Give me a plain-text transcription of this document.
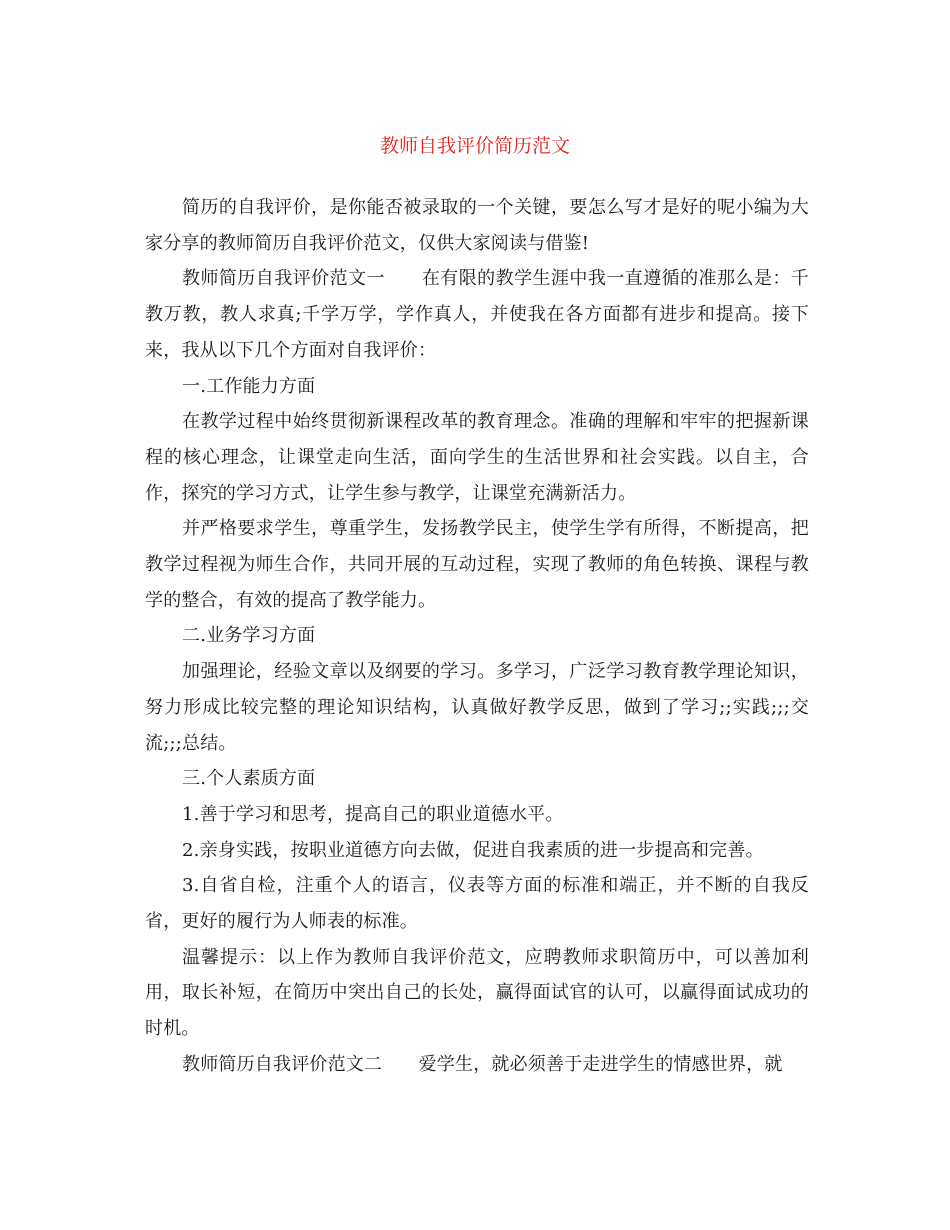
教师自我评价简历范文

简历的自我评价，是你能否被录取的一个关键，要怎么写才是好的呢小编为大家分享的教师简历自我评价范文，仅供大家阅读与借鉴!

教师简历自我评价范文一　　在有限的教学生涯中我一直遵循的准那么是：千教万教，教人求真;千学万学，学作真人，并使我在各方面都有进步和提高。接下来，我从以下几个方面对自我评价：

一.工作能力方面

在教学过程中始终贯彻新课程改革的教育理念。准确的理解和牢牢的把握新课程的核心理念，让课堂走向生活，面向学生的生活世界和社会实践。以自主，合作，探究的学习方式，让学生参与教学，让课堂充满新活力。

并严格要求学生，尊重学生，发扬教学民主，使学生学有所得，不断提高，把教学过程视为师生合作，共同开展的互动过程，实现了教师的角色转换、课程与教学的整合，有效的提高了教学能力。

二.业务学习方面

加强理论，经验文章以及纲要的学习。多学习，广泛学习教育教学理论知识，努力形成比较完整的理论知识结构，认真做好教学反思，做到了学习;;实践;;;交流;;;总结。

三.个人素质方面

1.善于学习和思考，提高自己的职业道德水平。

2.亲身实践，按职业道德方向去做，促进自我素质的进一步提高和完善。

3.自省自检，注重个人的语言，仪表等方面的标准和端正，并不断的自我反省，更好的履行为人师表的标准。

温馨提示：以上作为教师自我评价范文，应聘教师求职简历中，可以善加利用，取长补短，在简历中突出自己的长处，赢得面试官的认可，以赢得面试成功的时机。

教师简历自我评价范文二　　爱学生，就必须善于走进学生的情感世界，就
